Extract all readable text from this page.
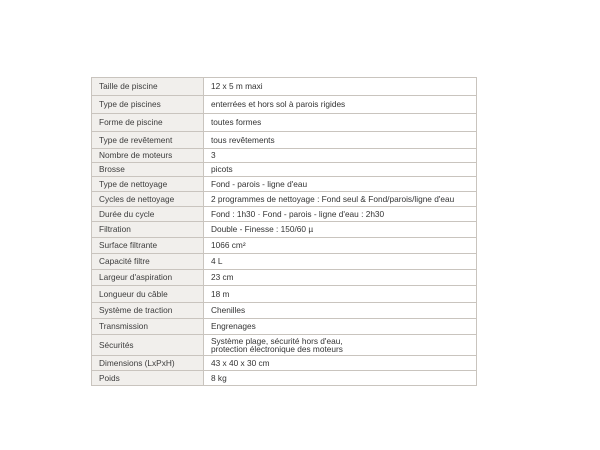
Taille de piscine	12 x 5 m maxi
Type de piscines	enterrées et hors sol à parois rigides
Forme de piscine	toutes formes
Type de revêtement	tous revêtements
Nombre de moteurs	3
Brosse	picots
Type de nettoyage	Fond - parois - ligne d'eau
Cycles de nettoyage	2 programmes de nettoyage : Fond seul & Fond/parois/ligne d'eau
Durée du cycle	Fond : 1h30 · Fond - parois - ligne d'eau : 2h30
Filtration	Double - Finesse : 150/60 µ
Surface filtrante	1066 cm²
Capacité filtre	4 L
Largeur d'aspiration	23 cm
Longueur du câble	18 m
Système de traction	Chenilles
Transmission	Engrenages
Sécurités	Système plage, sécurité hors d'eau,
protection électronique des moteurs

Dimensions (LxPxH)	43 x 40 x 30 cm
Poids	8 kg
